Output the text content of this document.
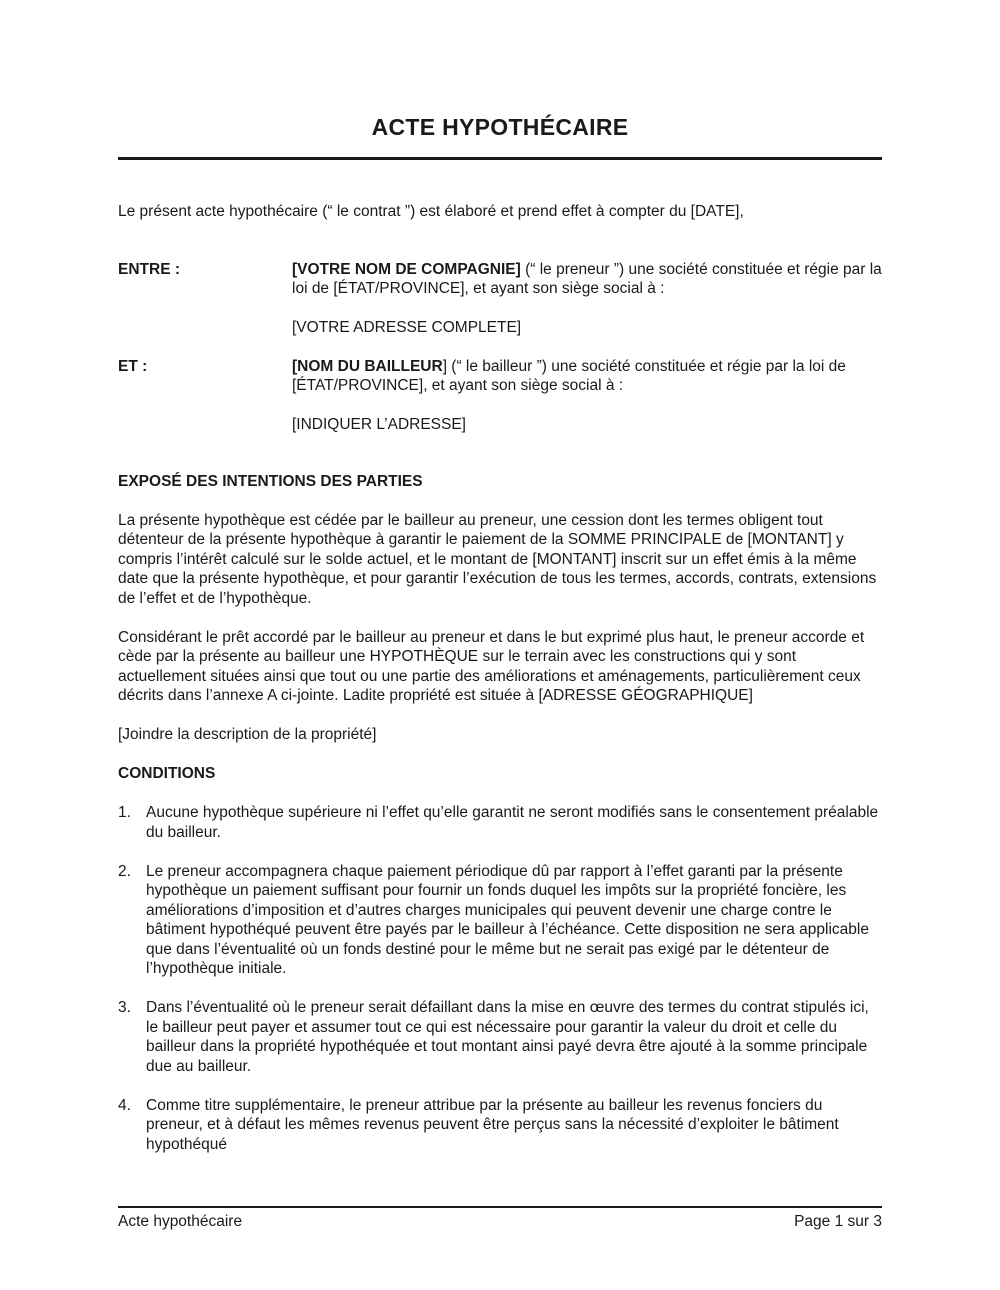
ACTE HYPOTHÉCAIRE

Le présent acte hypothécaire (“ le contrat ”) est élaboré et prend effet à compter du [DATE],

ENTRE :	[VOTRE NOM DE COMPAGNIE] (“ le preneur ”) une société constituée et régie par la loi de [ÉTAT/PROVINCE], et ayant son siège social à :

[VOTRE ADRESSE COMPLETE]

ET :	[NOM DU BAILLEUR] (“ le bailleur ”) une société constituée et régie par la loi de [ÉTAT/PROVINCE], et ayant son siège social à :

[INDIQUER L’ADRESSE]

EXPOSÉ DES INTENTIONS DES PARTIES

La présente hypothèque est cédée par le bailleur au preneur, une cession dont les termes obligent tout détenteur de la présente hypothèque à garantir le paiement de la SOMME PRINCIPALE de [MONTANT] y compris l’intérêt calculé sur le solde actuel, et le montant de [MONTANT] inscrit sur un effet émis à la même date que la présente hypothèque, et pour garantir l’exécution de tous les termes, accords, contrats, extensions de l’effet et de l’hypothèque.

Considérant le prêt accordé par le bailleur au preneur et dans le but exprimé plus haut, le preneur accorde et cède par la présente au bailleur une HYPOTHÈQUE sur le terrain avec les constructions qui y sont actuellement situées ainsi que tout ou une partie des améliorations et aménagements, particulièrement ceux décrits dans l’annexe A ci-jointe. Ladite propriété est située à [ADRESSE GÉOGRAPHIQUE]

[Joindre la description de la propriété]

CONDITIONS
1. Aucune hypothèque supérieure ni l’effet qu’elle garantit ne seront modifiés sans le consentement préalable du bailleur.
2. Le preneur accompagnera chaque paiement périodique dû par rapport à l’effet garanti par la présente hypothèque un paiement suffisant pour fournir un fonds duquel les impôts sur la propriété foncière, les améliorations d’imposition et d’autres charges municipales qui peuvent devenir une charge contre le bâtiment hypothéqué peuvent être payés par le bailleur à l’échéance. Cette disposition ne sera applicable que dans l’éventualité où un fonds destiné pour le même but ne serait pas exigé par le détenteur de l’hypothèque initiale.
3. Dans l’éventualité où le preneur serait défaillant dans la mise en œuvre des termes du contrat stipulés ici, le bailleur peut payer et assumer tout ce qui est nécessaire pour garantir la valeur du droit et celle du bailleur dans la propriété hypothéquée et tout montant ainsi payé devra être ajouté à la somme principale due au bailleur.
4. Comme titre supplémentaire, le preneur attribue par la présente au bailleur les revenus fonciers du preneur, et à défaut les mêmes revenus peuvent être perçus sans la nécessité d’exploiter le bâtiment hypothéqué
Acte hypothécaire	Page 1 sur 3
